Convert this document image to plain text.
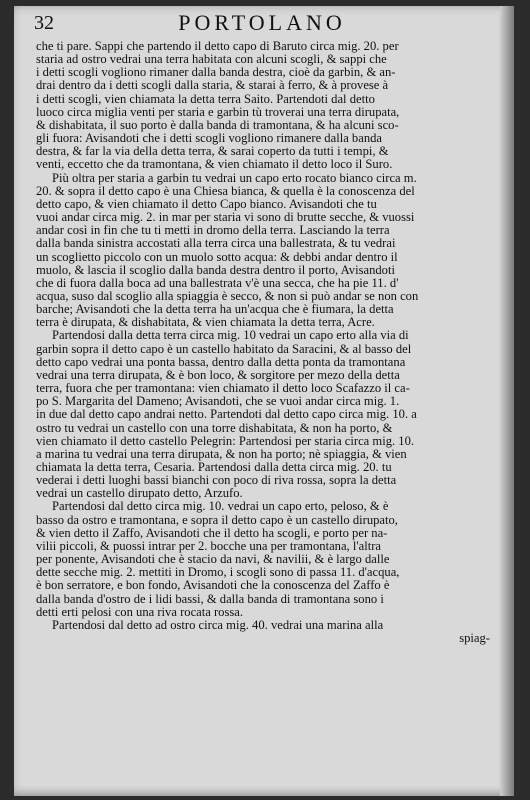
32	PORTOLANO
che ti pare. Sappi che partendo il detto capo di Baruto circa mig. 20. per
staria ad ostro vedrai una terra habitata con alcuni scogli, & sappi che
i detti scogli vogliono rimaner dalla banda destra, cioè da garbin, & an-
drai dentro da i detti scogli dalla staria, & starai à ferro, & à provese à
i detti scogli, vien chiamata la detta terra Saito. Partendoti dal detto
luoco circa miglia venti per staria e garbin tù troverai una terra dirupata,
& dishabitata, il suo porto è dalla banda di tramontana, & ha alcuni sco-
gli fuora: Avisandoti che i detti scogli vogliono rimanere dalla banda
destra, & far la via della detta terra, & sarai coperto da tutti i tempi, &
venti, eccetto che da tramontana, & vien chiamato il detto loco il Suro.
Più oltra per staria a garbin tu vedrai un capo erto rocato bianco circa m.
20. & sopra il detto capo è una Chiesa bianca, & quella è la conoscenza del
detto capo, & vien chiamato il detto Capo bianco. Avisandoti che tu
vuoi andar circa mig. 2. in mar per staria vi sono di brutte secche, & vuossi
andar così in fin che tu ti metti in dromo della terra. Lasciando la terra
dalla banda sinistra accostati alla terra circa una ballestrata, & tu vedrai
un scoglietto piccolo con un muolo sotto acqua: & debbi andar dentro il
muolo, & lascia il scoglio dalla banda destra dentro il porto, Avisandoti
che di fuora dalla boca ad una ballestrata v'è una secca, che ha pie 11. d'
acqua, suso dal scoglio alla spiaggia è secco, & non si può andar se non con
barche; Avisandoti che la detta terra ha un'acqua che è fiumara, la detta
terra è dirupata, & dishabitata, & vien chiamata la detta terra, Acre.
Partendosi dalla detta terra circa mig. 10 vedrai un capo erto alla via di
garbin sopra il detto capo è un castello habitato da Saracini, & al basso del
detto capo vedrai una ponta bassa, dentro dalla detta ponta da tramontana
vedrai una terra dirupata, & è bon loco, & sorgitore per mezo della detta
terra, fuora che per tramontana: vien chiamato il detto loco Scafazzo il ca-
po S. Margarita del Dameno; Avisandoti, che se vuoi andar circa mig. 1.
in due dal detto capo andrai netto. Partendoti dal detto capo circa mig. 10. a
ostro tu vedrai un castello con una torre dishabitata, & non ha porto, &
vien chiamato il detto castello Pelegrin: Partendosi per staria circa mig. 10.
a marina tu vedrai una terra dirupata, & non ha porto; nè spiaggia, & vien
chiamata la detta terra, Cesaria. Partendosi dalla detta circa mig. 20. tu
vederai i detti luoghi bassi bianchi con poco di riva rossa, sopra la detta
vedrai un castello dirupato detto, Arzufo.
Partendosi dal detto circa mig. 10. vedrai un capo erto, peloso, & è
basso da ostro e tramontana, e sopra il detto capo è un castello dirupato,
& vien detto il Zaffo, Avisandoti che il detto ha scogli, e porto per na-
vilii piccoli, & puossi intrar per 2. bocche una per tramontana, l'altra
per ponente, Avisandoti che è stacio da navi, & navilii, & è largo dalle
dette secche mig. 2. mettiti in Dromo, i scogli sono di passa 11. d'acqua,
è bon serratore, e bon fondo, Avisandoti che la conoscenza del Zaffo è
dalla banda d'ostro de i lidi bassi, & dalla banda di tramontana sono i
detti erti pelosi con una riva rocata rossa.
Partendosi dal detto ad ostro circa mig. 40. vedrai una marina alla
spiag-
